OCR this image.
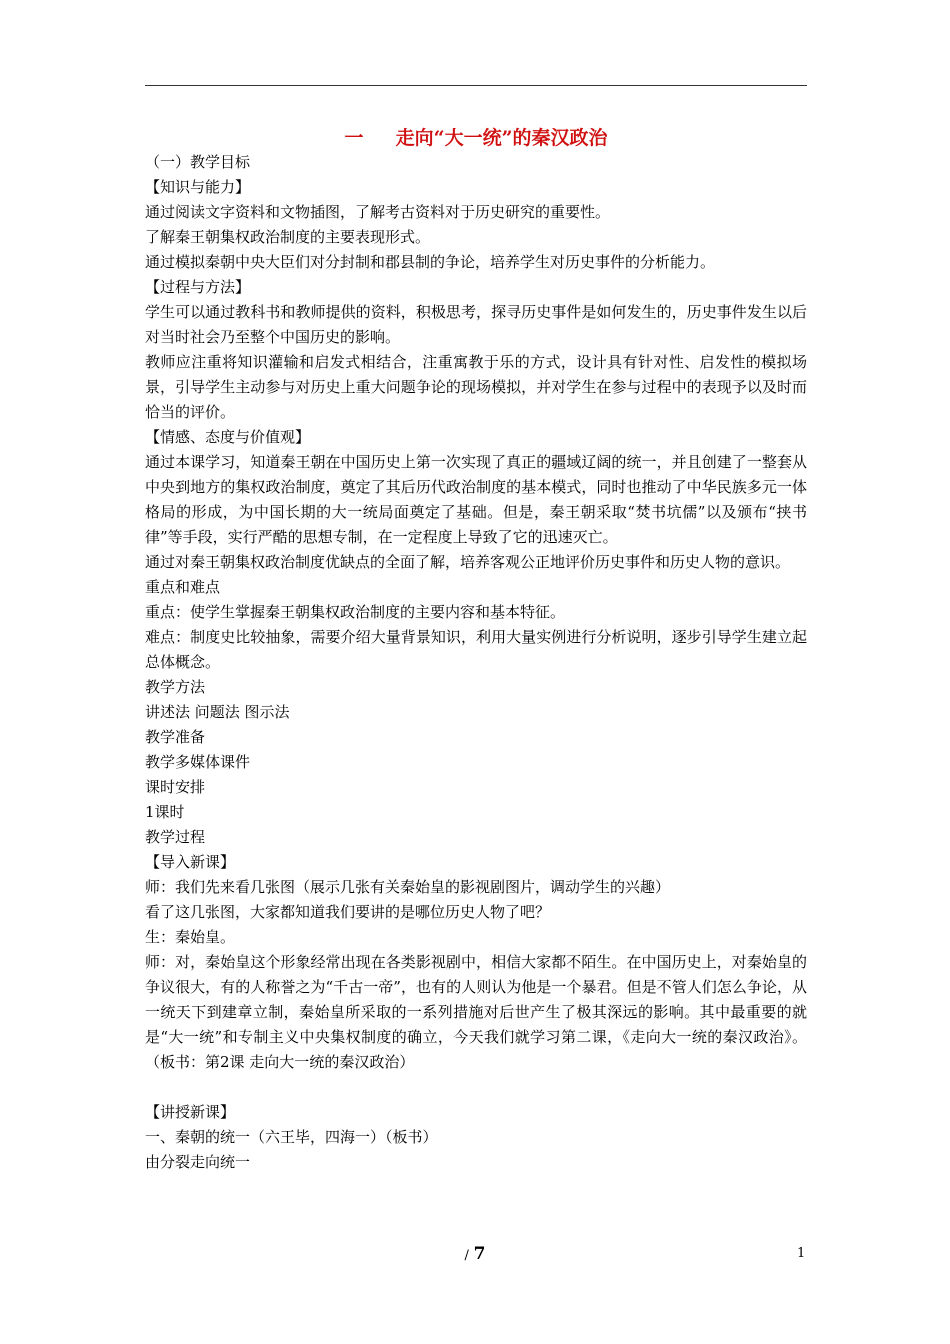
一　  走向“大一统”的秦汉政治

（一）教学目标

【知识与能力】

通过阅读文字资料和文物插图，了解考古资料对于历史研究的重要性。

了解秦王朝集权政治制度的主要表现形式。

通过模拟秦朝中央大臣们对分封制和郡县制的争论，培养学生对历史事件的分析能力。

【过程与方法】

学生可以通过教科书和教师提供的资料，积极思考，探寻历史事件是如何发生的，历史事件发生以后对当时社会乃至整个中国历史的影响。

教师应注重将知识灌输和启发式相结合，注重寓教于乐的方式，设计具有针对性、启发性的模拟场景，引导学生主动参与对历史上重大问题争论的现场模拟，并对学生在参与过程中的表现予以及时而恰当的评价。

【情感、态度与价值观】

通过本课学习，知道秦王朝在中国历史上第一次实现了真正的疆域辽阔的统一，并且创建了一整套从中央到地方的集权政治制度，奠定了其后历代政治制度的基本模式，同时也推动了中华民族多元一体格局的形成，为中国长期的大一统局面奠定了基础。但是，秦王朝采取“焚书坑儒”以及颁布“挟书律”等手段，实行严酷的思想专制，在一定程度上导致了它的迅速灭亡。

通过对秦王朝集权政治制度优缺点的全面了解，培养客观公正地评价历史事件和历史人物的意识。

重点和难点

重点：使学生掌握秦王朝集权政治制度的主要内容和基本特征。

难点：制度史比较抽象，需要介绍大量背景知识，利用大量实例进行分析说明，逐步引导学生建立起总体概念。

教学方法

讲述法 问题法 图示法

教学准备

教学多媒体课件

课时安排

1课时

教学过程

【导入新课】

师：我们先来看几张图（展示几张有关秦始皇的影视剧图片，调动学生的兴趣）

看了这几张图，大家都知道我们要讲的是哪位历史人物了吧？

生：秦始皇。

师：对，秦始皇这个形象经常出现在各类影视剧中，相信大家都不陌生。在中国历史上，对秦始皇的争议很大，有的人称誉之为“千古一帝”，也有的人则认为他是一个暴君。但是不管人们怎么争论，从一统天下到建章立制，秦始皇所采取的一系列措施对后世产生了极其深远的影响。其中最重要的就是“大一统”和专制主义中央集权制度的确立，今天我们就学习第二课，《走向大一统的秦汉政治》。（板书：第2课 走向大一统的秦汉政治）

【讲授新课】

一、秦朝的统一（六王毕，四海一）（板书）

由分裂走向统一

/ 7	1
